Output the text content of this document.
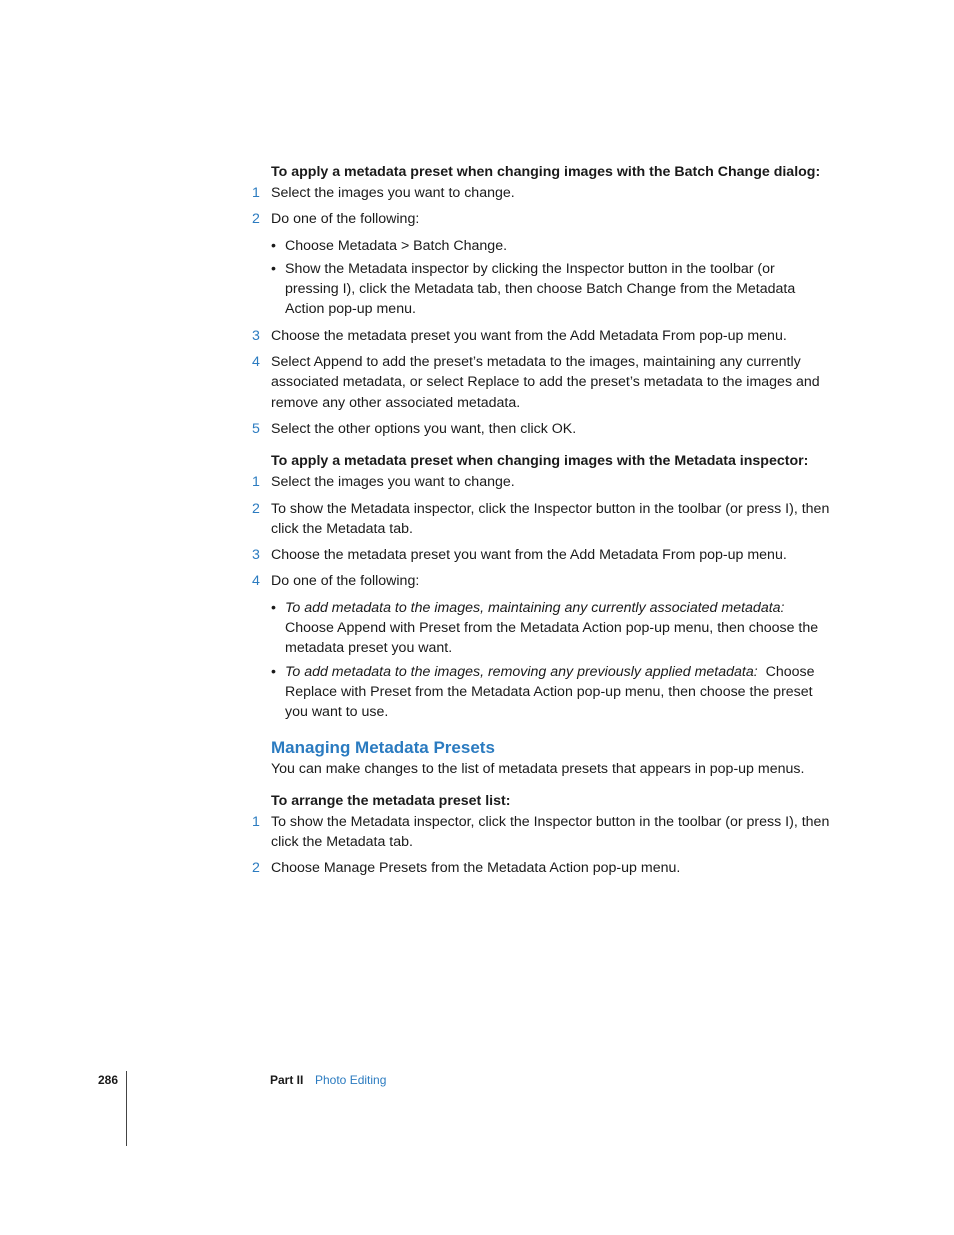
To apply a metadata preset when changing images with the Batch Change dialog:

1 Select the images you want to change.
2 Do one of the following:
• Choose Metadata > Batch Change.
• Show the Metadata inspector by clicking the Inspector button in the toolbar (or pressing I), click the Metadata tab, then choose Batch Change from the Metadata Action pop-up menu.
3 Choose the metadata preset you want from the Add Metadata From pop-up menu.
4 Select Append to add the preset’s metadata to the images, maintaining any currently associated metadata, or select Replace to add the preset’s metadata to the images and remove any other associated metadata.
5 Select the other options you want, then click OK.

To apply a metadata preset when changing images with the Metadata inspector:

1 Select the images you want to change.
2 To show the Metadata inspector, click the Inspector button in the toolbar (or press I), then click the Metadata tab.
3 Choose the metadata preset you want from the Add Metadata From pop-up menu.
4 Do one of the following:
• To add metadata to the images, maintaining any currently associated metadata:  Choose Append with Preset from the Metadata Action pop-up menu, then choose the metadata preset you want.
• To add metadata to the images, removing any previously applied metadata: Choose Replace with Preset from the Metadata Action pop-up menu, then choose the preset you want to use.
Managing Metadata Presets
You can make changes to the list of metadata presets that appears in pop-up menus.

To arrange the metadata preset list:

1 To show the Metadata inspector, click the Inspector button in the toolbar (or press I), then click the Metadata tab.
2 Choose Manage Presets from the Metadata Action pop-up menu.
286	Part II Photo Editing
